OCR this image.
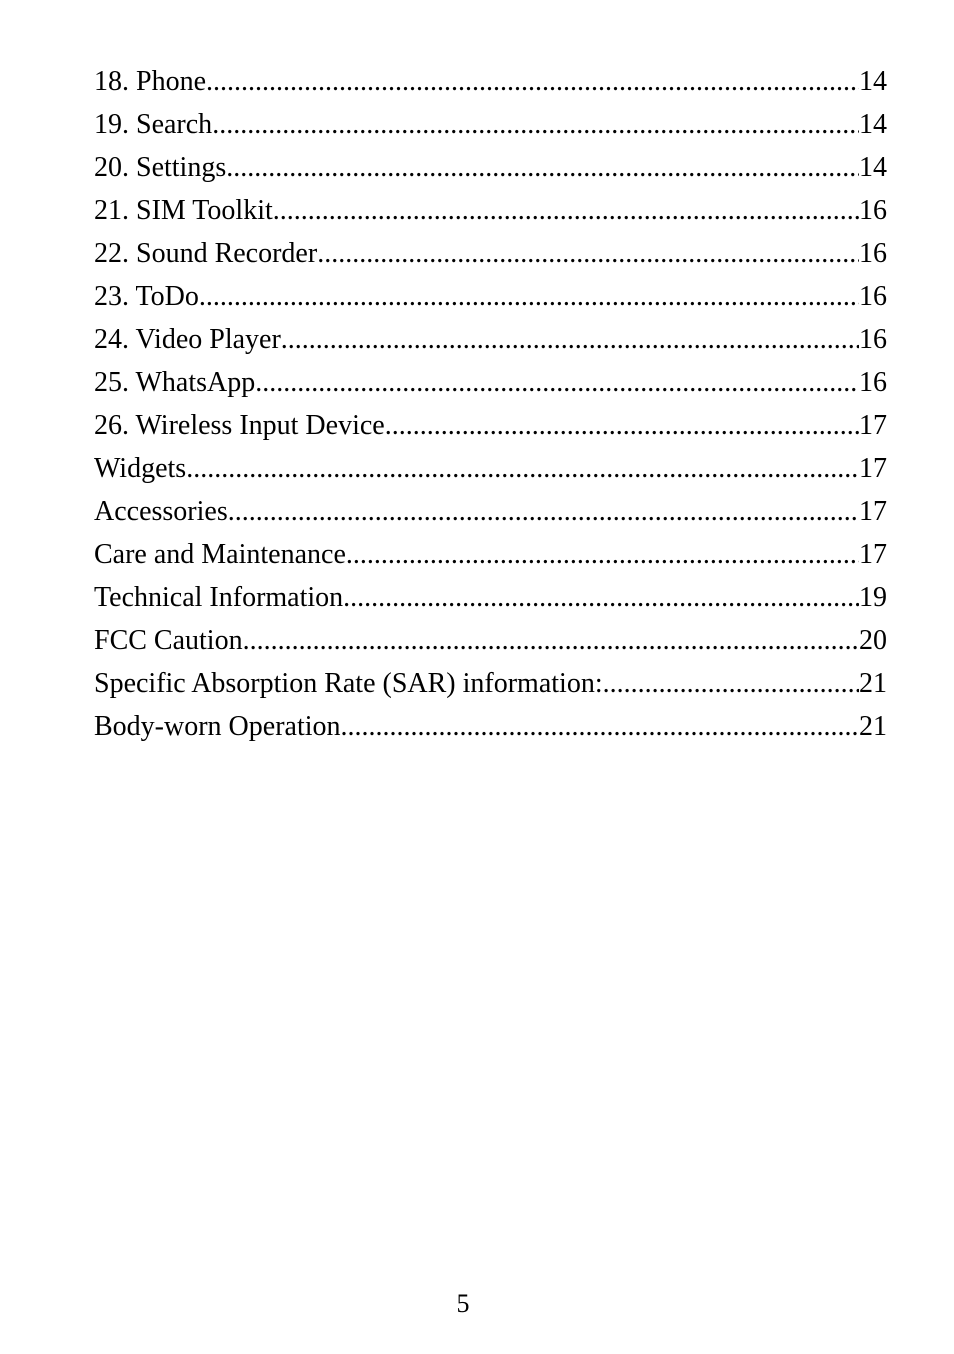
18. Phone .....	14
19. Search .....	14
20. Settings .....	14
21. SIM Toolkit .....	16
22. Sound Recorder .....	16
23. ToDo .....	16
24. Video Player .....	16
25. WhatsApp .....	16
26. Wireless Input Device .....	17
Widgets .....	17
Accessories .....	17
Care and Maintenance .....	17
Technical Information .....	19
FCC Caution .....	20
Specific Absorption Rate (SAR) information: .....	21
Body-worn Operation .....	21
5
